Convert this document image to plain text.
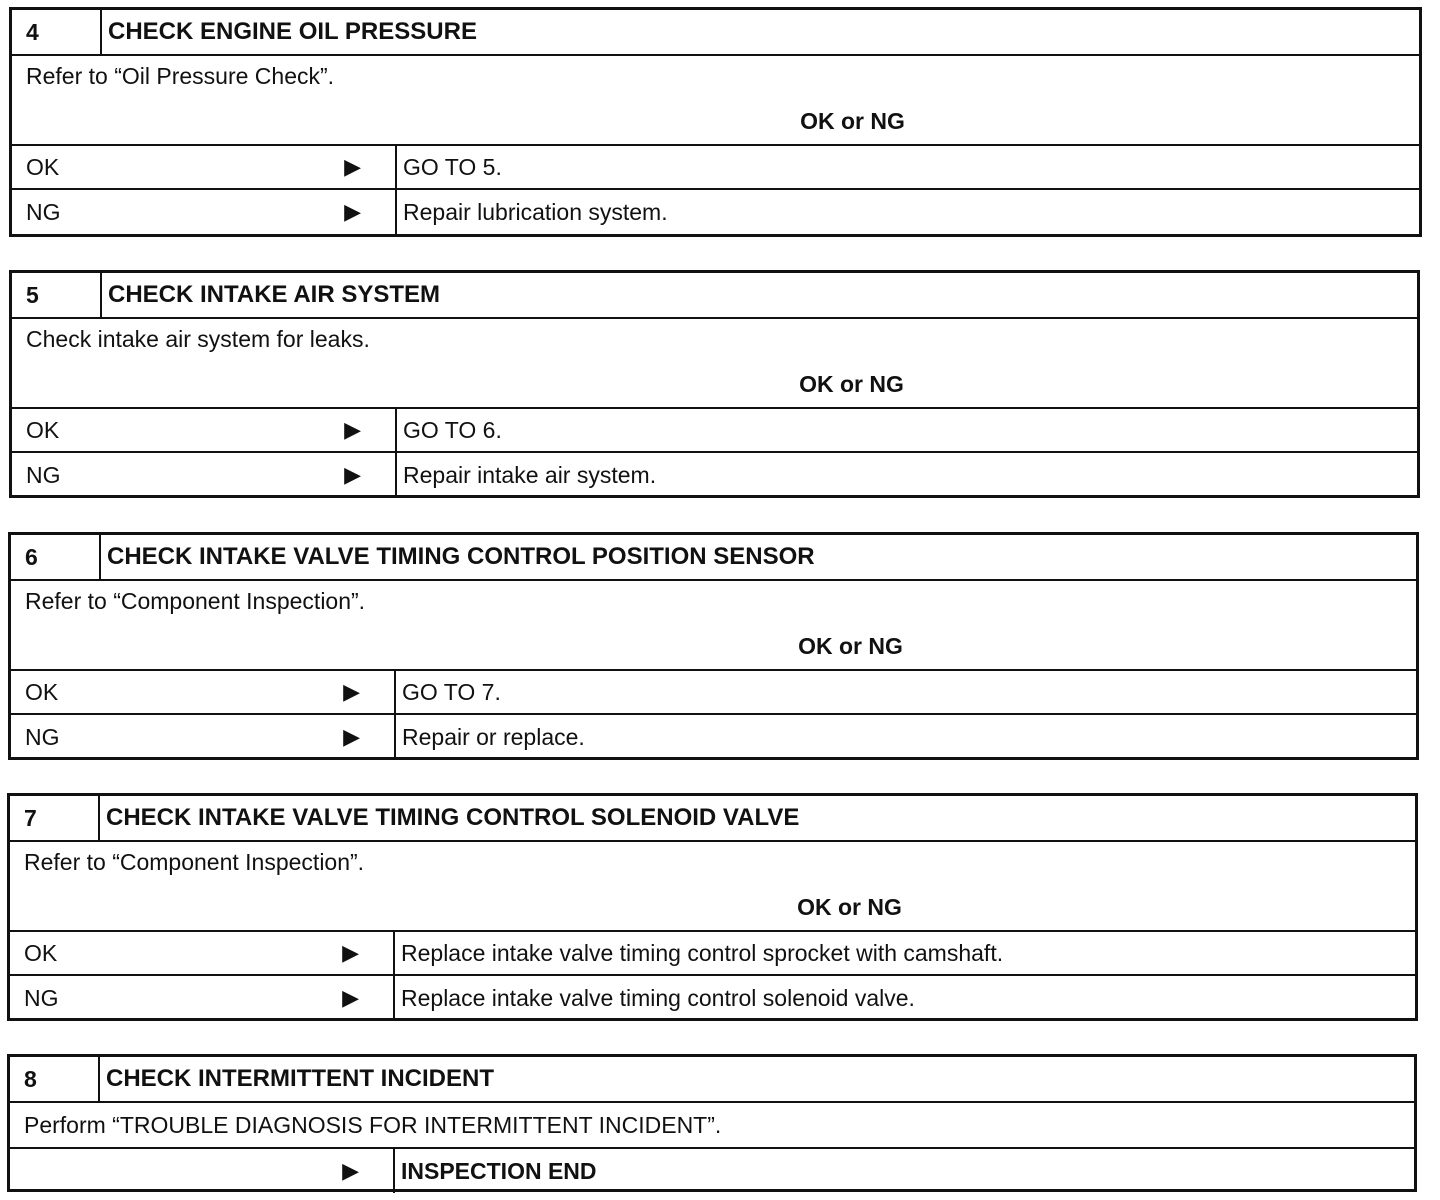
4	CHECK ENGINE OIL PRESSURE
Refer to “Oil Pressure Check”.
OK or NG
OK	▶ GO TO 5.
NG	▶ Repair lubrication system.
5	CHECK INTAKE AIR SYSTEM
Check intake air system for leaks.
OK or NG
OK	▶ GO TO 6.
NG	▶ Repair intake air system.
6	CHECK INTAKE VALVE TIMING CONTROL POSITION SENSOR
Refer to “Component Inspection”.
OK or NG
OK	▶ GO TO 7.
NG	▶ Repair or replace.
7	CHECK INTAKE VALVE TIMING CONTROL SOLENOID VALVE
Refer to “Component Inspection”.
OK or NG
OK	▶ Replace intake valve timing control sprocket with camshaft.
NG	▶ Replace intake valve timing control solenoid valve.
8	CHECK INTERMITTENT INCIDENT
Perform “TROUBLE DIAGNOSIS FOR INTERMITTENT INCIDENT”.
▶ INSPECTION END
